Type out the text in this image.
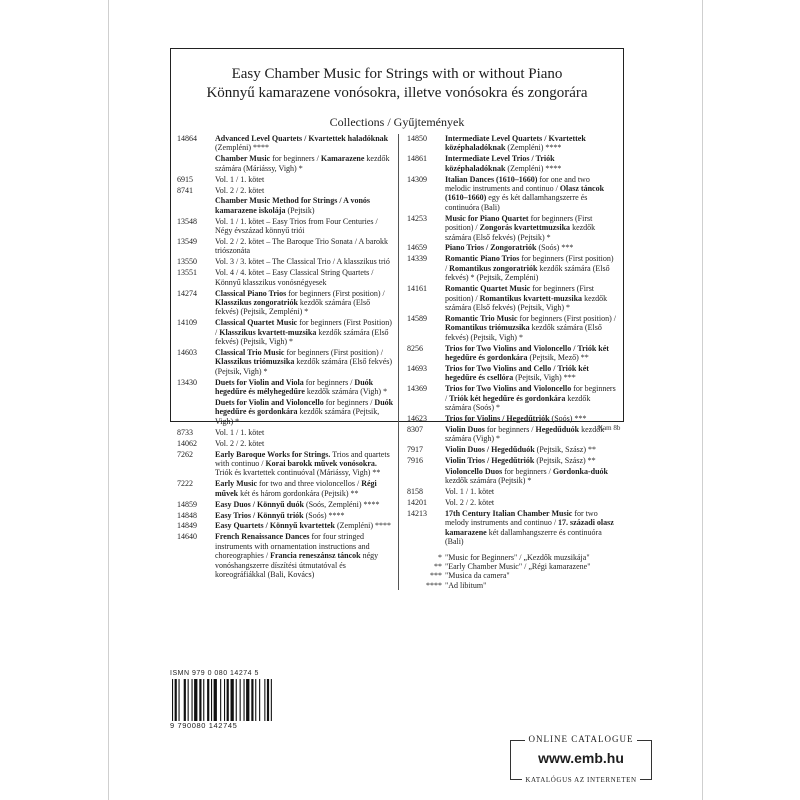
Easy Chamber Music for Strings with or without Piano
Könnyű kamarazene vonósokra, illetve vonósokra és zongorára
Collections / Gyűjtemények
14864	Advanced Level Quartets / Kvartettek haladóknak (Zempléni) ****
Chamber Music for beginners / Kamarazene kezdők számára (Máriássy, Vigh) *
6915	Vol. 1 / 1. kötet
8741	Vol. 2 / 2. kötet
Chamber Music Method for Strings / A vonós kamarazene iskolája (Pejtsik)
13548	Vol. 1 / 1. kötet – Easy Trios from Four Centuries / Négy évszázad könnyű triói
13549	Vol. 2 / 2. kötet – The Baroque Trio Sonata / A barokk triószonáta
13550	Vol. 3 / 3. kötet – The Classical Trio / A klasszikus trió
13551	Vol. 4 / 4. kötet – Easy Classical String Quartets / Könnyű klasszikus vonósnégyesek
14274	Classical Piano Trios for beginners (First position) / Klasszikus zongoratriók kezdők számára (Első fekvés) (Pejtsik, Zempléni) *
14109	Classical Quartet Music for beginners (First Position) / Klasszikus kvartett-muzsika kezdők számára (Első fekvés) (Pejtsik, Vigh) *
14603	Classical Trio Music for beginners (First position) / Klasszikus triómuzsika kezdők számára (Első fekvés) (Pejtsik, Vigh) *
13430	Duets for Violin and Viola for beginners / Duók hegedűre és mélyhegedűre kezdők számára (Vigh) *
Duets for Violin and Violoncello for beginners / Duók hegedűre és gordonkára kezdők számára (Pejtsik, Vigh) *
8733	Vol. 1 / 1. kötet
14062	Vol. 2 / 2. kötet
7262	Early Baroque Works for Strings. Trios and quartets with continuo / Korai barokk művek vonósokra. Triók és kvartettek continuóval (Máriássy, Vigh) **
7222	Early Music for two and three violoncellos / Régi művek két és három gordonkára (Pejtsik) **
14859	Easy Duos / Könnyű duók (Soós, Zempléni) ****
14848	Easy Trios / Könnyű triók (Soós) ****
14849	Easy Quartets / Könnyű kvartettek (Zempléni) ****
14640	French Renaissance Dances for four stringed instruments with ornamentation instructions and choreographies / Francia reneszánsz táncok négy vonóshangszerre díszítési útmutatóval és koreográfiákkal (Bali, Kovács)
14850	Intermediate Level Quartets / Kvartettek középhaladóknak (Zempléni) ****
14861	Intermediate Level Trios / Triók középhaladóknak (Zempléni) ****
14309	Italian Dances (1610–1660) for one and two melodic instruments and continuo / Olasz táncok (1610–1660) egy és két dallamhangszerre és continuóra (Bali)
14253	Music for Piano Quartet for beginners (First position) / Zongorás kvartettmuzsika kezdők számára (Első fekvés) (Pejtsik) *
14659	Piano Trios / Zongoratriók (Soós) ***
14339	Romantic Piano Trios for beginners (First position) / Romantikus zongoratriók kezdők számára (Első fekvés) * (Pejtsik, Zempléni)
14161	Romantic Quartet Music for beginners (First position) / Romantikus kvartett-muzsika kezdők számára (Első fekvés) (Pejtsik, Vigh) *
14589	Romantic Trio Music for beginners (First position) / Romantikus triómuzsika kezdők számára (Első fekvés) (Pejtsik, Vigh) *
8256	Trios for Two Violins and Violoncello / Triók két hegedűre és gordonkára (Pejtsik, Mező) **
14693	Trios for Two Violins and Cello / Triók két hegedűre és csellóra (Pejtsik, Vigh) ***
14369	Trios for Two Violins and Violoncello for beginners / Triók két hegedűre és gordonkára kezdők számára (Soós) *
14623	Trios for Violins / Hegedűtriók (Soós) ***
8307	Violin Duos for beginners / Hegedűduók kezdők számára (Vigh) *
7917	Violin Duos / Hegedűduók (Pejtsik, Szász) **
7916	Violin Trios / Hegedűtriók (Pejtsik, Szász) **
Violoncello Duos for beginners / Gordonka-duók kezdők számára (Pejtsik) *
8158	Vol. 1 / 1. kötet
14201	Vol. 2 / 2. kötet
14213	17th Century Italian Chamber Music for two melody instruments and continuo / 17. századi olasz kamarazene két dallamhangszerre és continuóra (Bali)
* "Music for Beginners" / „Kezdők muzsikája"
** "Early Chamber Music" / „Régi kamarazene"
*** "Musica da camera"
**** "Ad libitum"
Kam 8b
ISMN 979 0 080 14274 5
9 790080 142745
ONLINE CATALOGUE
www.emb.hu
KATALÓGUS AZ INTERNETEN
